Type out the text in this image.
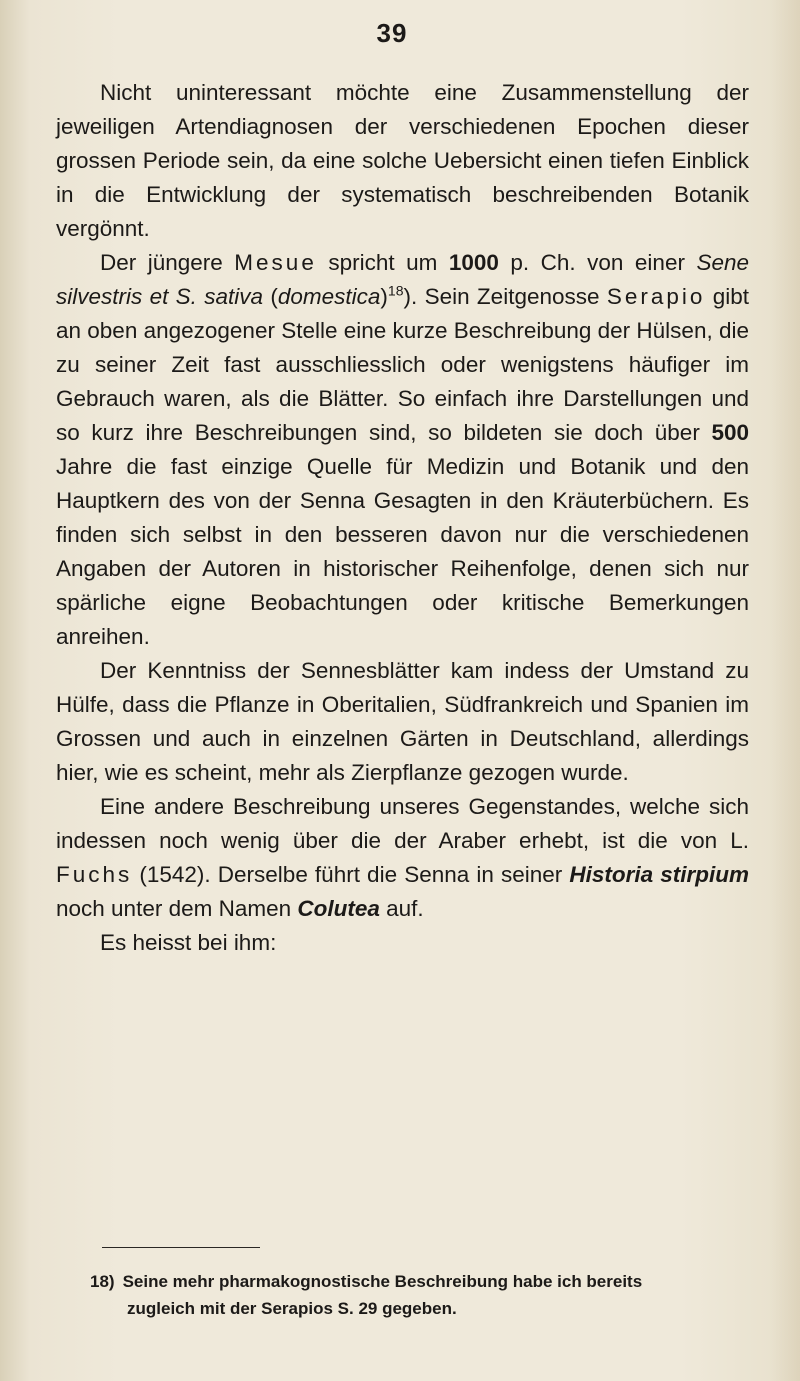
39

Nicht uninteressant möchte eine Zusammenstellung der jeweiligen Artendiagnosen der verschiedenen Epochen dieser grossen Periode sein, da eine solche Uebersicht einen tiefen Einblick in die Entwicklung der systematisch beschreibenden Botanik vergönnt.

Der jüngere Mesue spricht um 1000 p. Ch. von einer Sene silvestris et S. sativa (domestica)$^{18}$). Sein Zeitgenosse Serapio gibt an oben angezogener Stelle eine kurze Beschreibung der Hülsen, die zu seiner Zeit fast ausschliesslich oder wenigstens häufiger im Gebrauch waren, als die Blätter. So einfach ihre Darstellungen und so kurz ihre Beschreibungen sind, so bildeten sie doch über 500 Jahre die fast einzige Quelle für Medizin und Botanik und den Hauptkern des von der Senna Gesagten in den Kräuterbüchern. Es finden sich selbst in den besseren davon nur die verschiedenen Angaben der Autoren in historischer Reihenfolge, denen sich nur spärliche eigne Beobachtungen oder kritische Bemerkungen anreihen.

Der Kenntniss der Sennesblätter kam indess der Umstand zu Hülfe, dass die Pflanze in Oberitalien, Südfrankreich und Spanien im Grossen und auch in einzelnen Gärten in Deutschland, allerdings hier, wie es scheint, mehr als Zierpflanze gezogen wurde.

Eine andere Beschreibung unseres Gegenstandes, welche sich indessen noch wenig über die der Araber erhebt, ist die von L. Fuchs (1542). Derselbe führt die Senna in seiner Historia stirpium noch unter dem Namen Colutea auf.

Es heisst bei ihm:

18) Seine mehr pharmakognostische Beschreibung habe ich bereits
zugleich mit der Serapios S. 29 gegeben.
